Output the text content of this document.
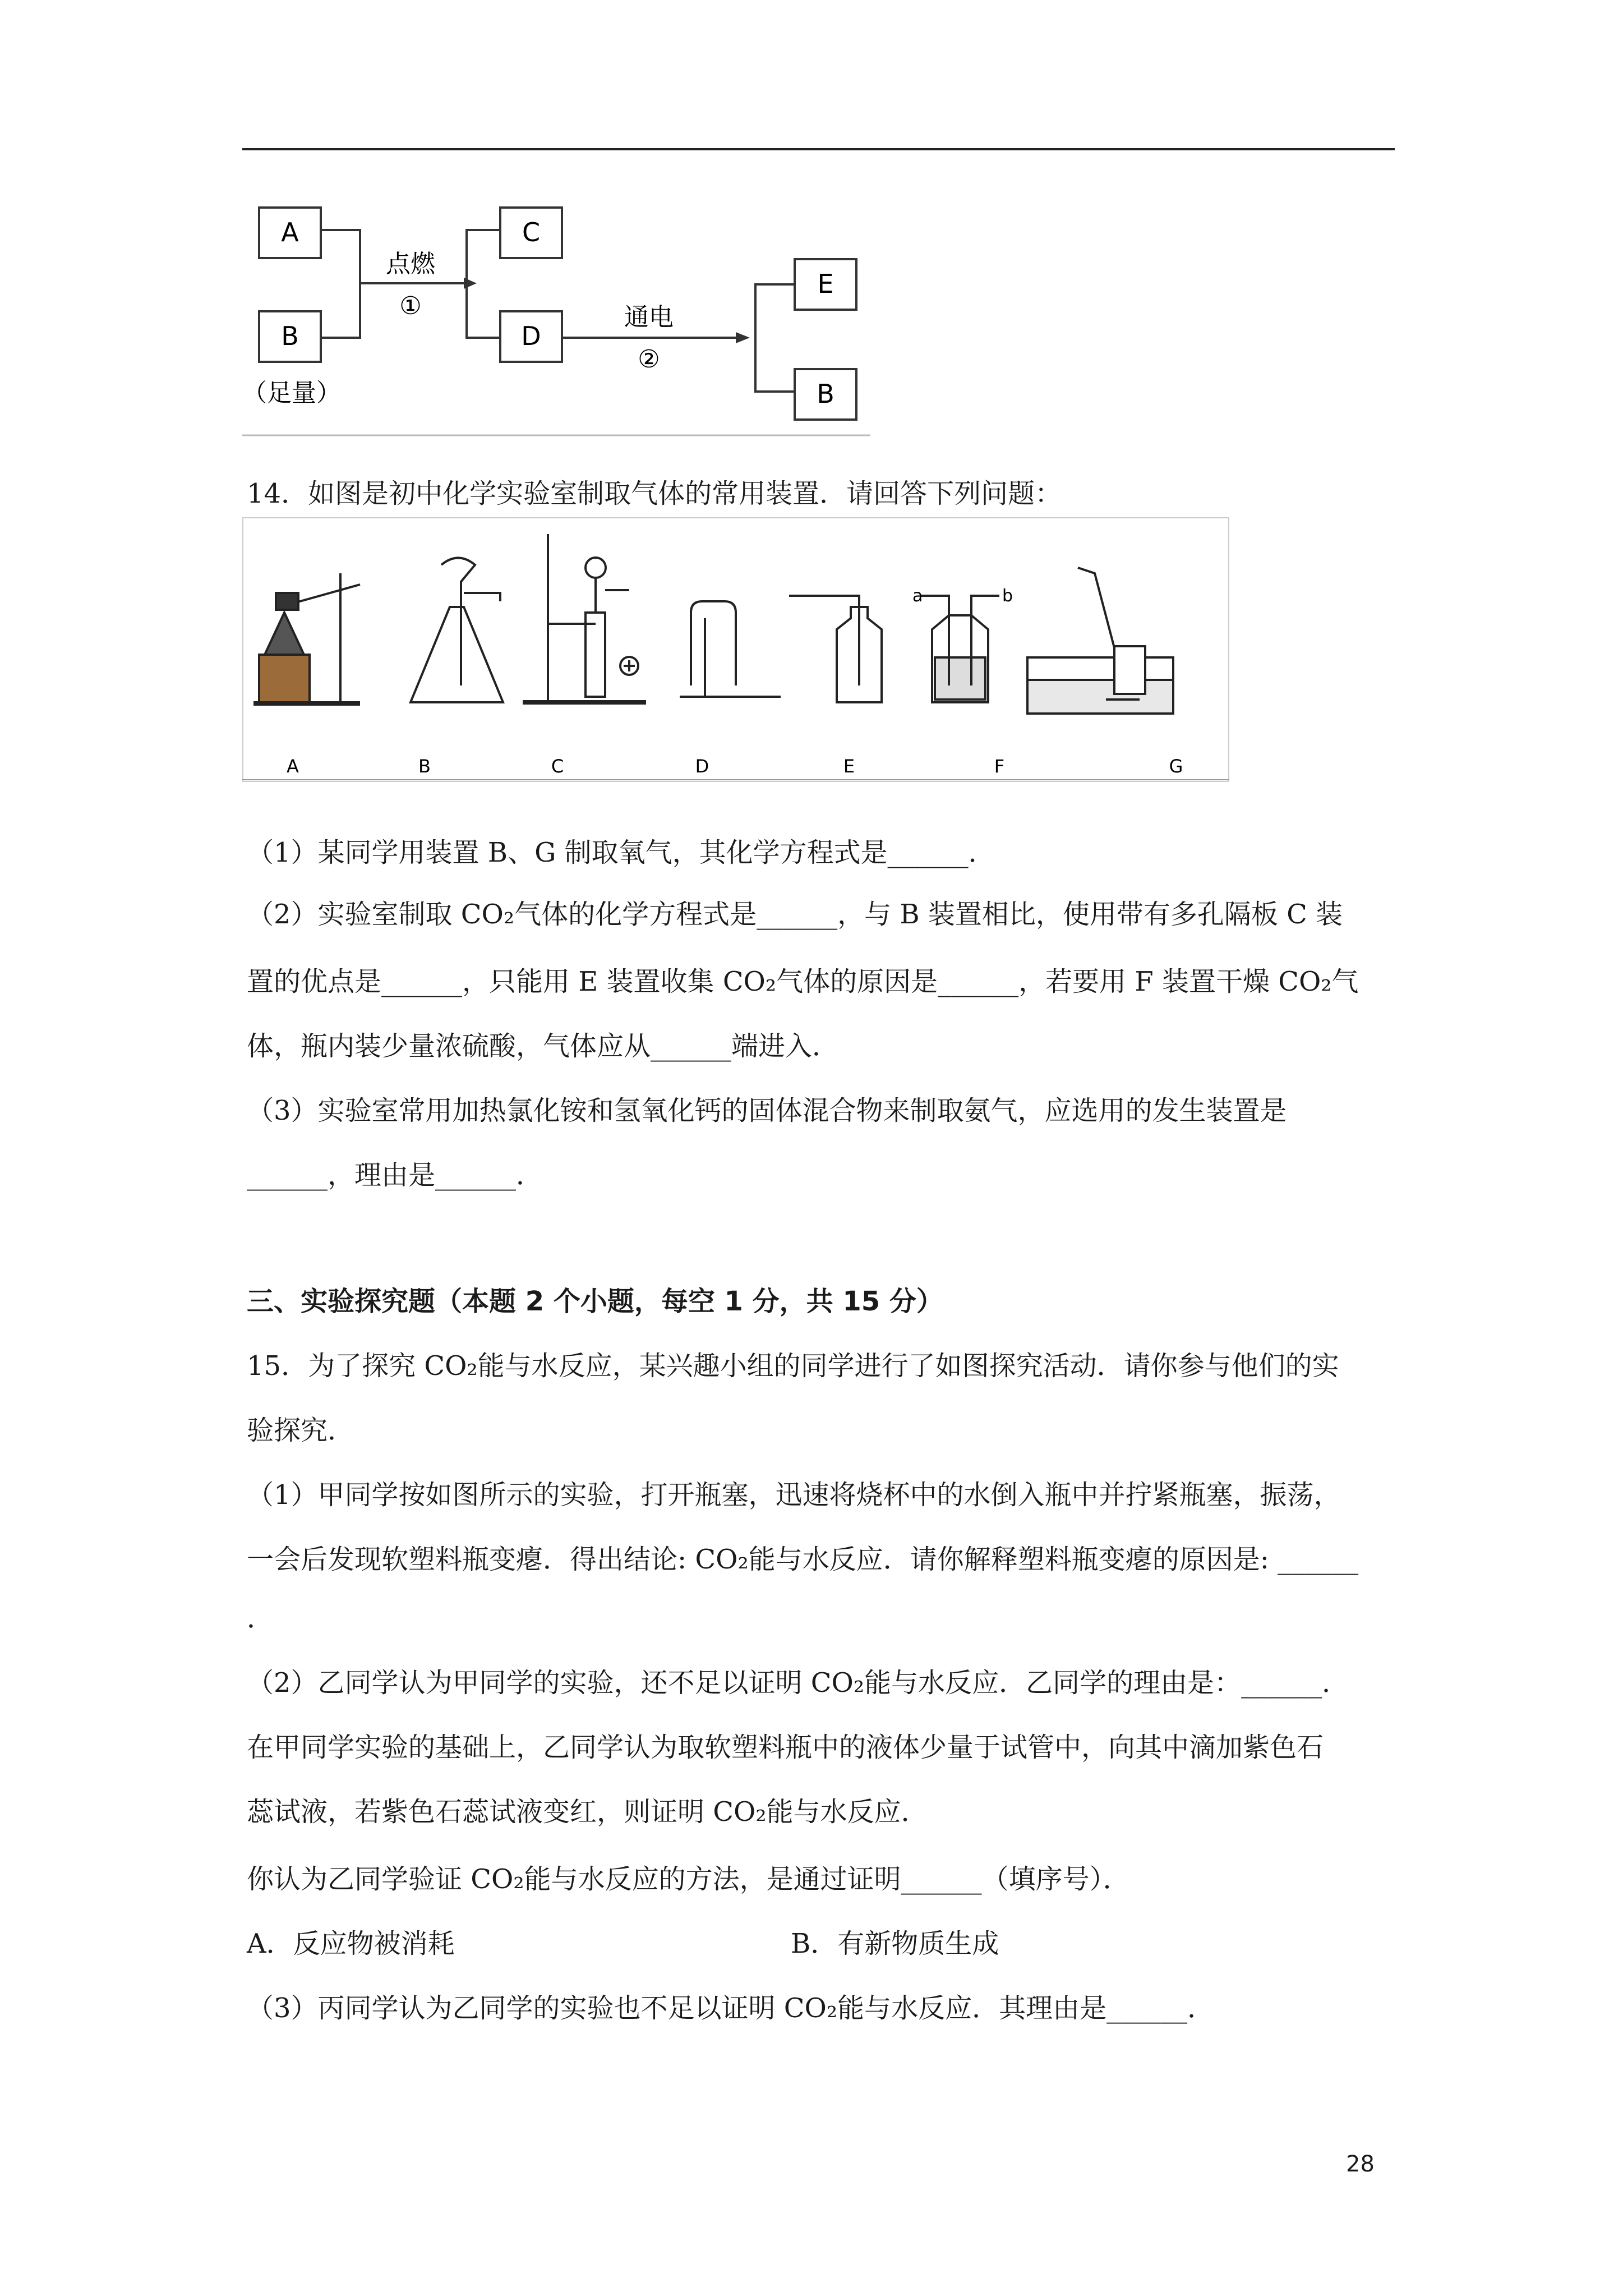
A
B
C
D
E
B
（足量）
点燃
①	通电
②
14．如图是初中化学实验室制取气体的常用装置．请回答下列问题：
a	b
A	B	C	D	E	F	G
（1）某同学用装置 B、G 制取氧气，其化学方程式是______．
（2）实验室制取 CO₂气体的化学方程式是______，与 B 装置相比，使用带有多孔隔板 C 装
置的优点是______，只能用 E 装置收集 CO₂气体的原因是______，若要用 F 装置干燥 CO₂气
体，瓶内装少量浓硫酸，气体应从______端进入．
（3）实验室常用加热氯化铵和氢氧化钙的固体混合物来制取氨气，应选用的发生装置是
______，理由是______．
三、实验探究题（本题 2 个小题，每空 1 分，共 15 分）
15．为了探究 CO₂能与水反应，某兴趣小组的同学进行了如图探究活动．请你参与他们的实
验探究．
（1）甲同学按如图所示的实验，打开瓶塞，迅速将烧杯中的水倒入瓶中并拧紧瓶塞，振荡，
一会后发现软塑料瓶变瘪．得出结论: CO₂能与水反应．请你解释塑料瓶变瘪的原因是: ______
．
（2）乙同学认为甲同学的实验，还不足以证明 CO₂能与水反应．乙同学的理由是：______．
在甲同学实验的基础上，乙同学认为取软塑料瓶中的液体少量于试管中，向其中滴加紫色石
蕊试液，若紫色石蕊试液变红，则证明 CO₂能与水反应．
你认为乙同学验证 CO₂能与水反应的方法，是通过证明______（填序号）．
A．反应物被消耗	B．有新物质生成
（3）丙同学认为乙同学的实验也不足以证明 CO₂能与水反应．其理由是______．
28
